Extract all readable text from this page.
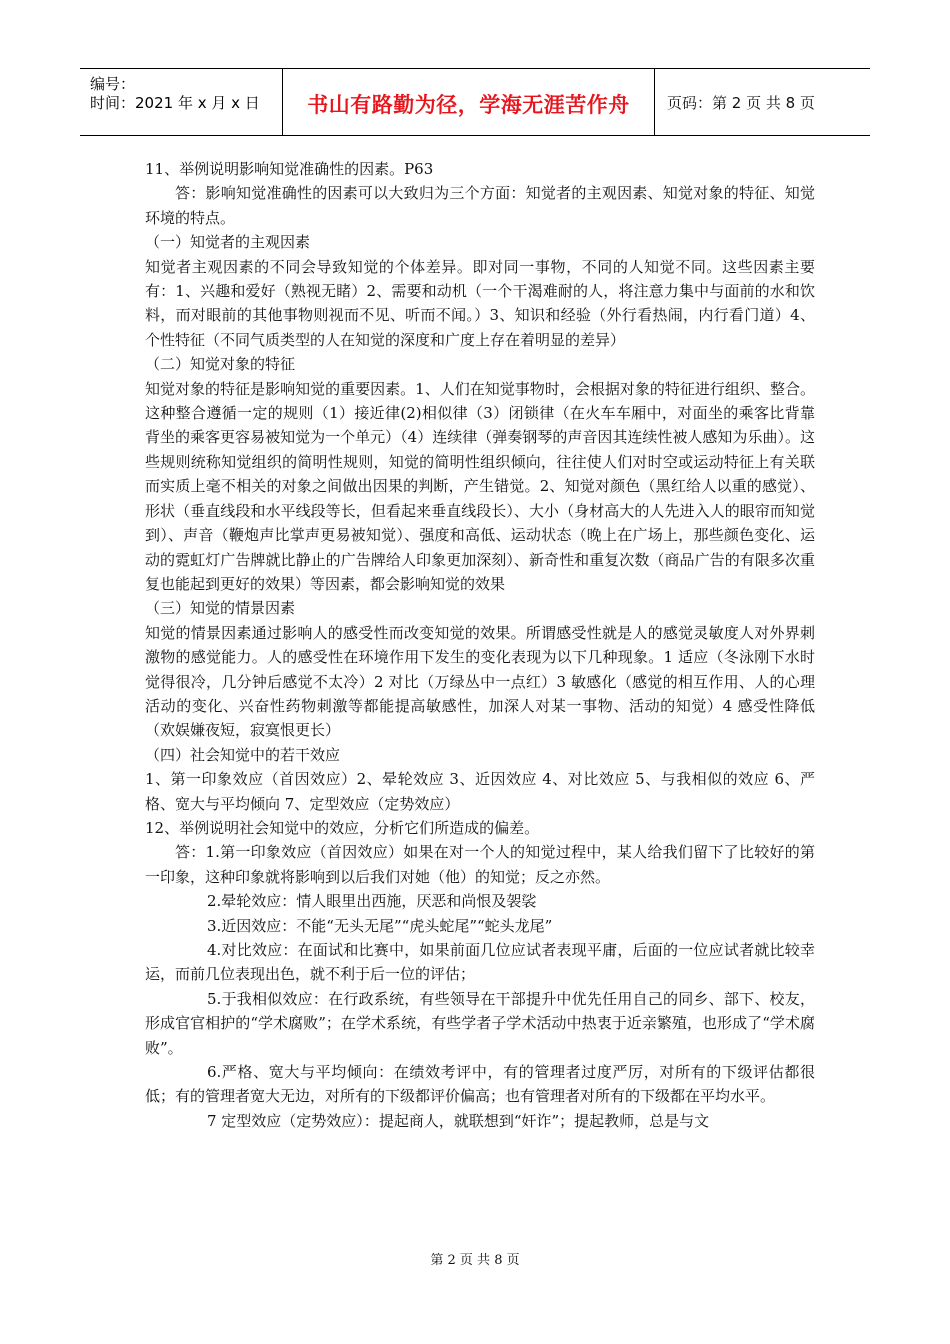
编号：
时间：2021 年 x 月 x 日 书山有路勤为径，学海无涯苦作舟 页码：第 2 页 共 8 页

11、举例说明影响知觉准确性的因素。P63

答：影响知觉准确性的因素可以大致归为三个方面：知觉者的主观因素、知觉对象的特征、知觉环境的特点。

（一）知觉者的主观因素

知觉者主观因素的不同会导致知觉的个体差异。即对同一事物，不同的人知觉不同。这些因素主要有：1、兴趣和爱好（熟视无睹）2、需要和动机（一个干渴难耐的人，将注意力集中与面前的水和饮料，而对眼前的其他事物则视而不见、听而不闻。）3、知识和经验（外行看热闹，内行看门道）4、个性特征（不同气质类型的人在知觉的深度和广度上存在着明显的差异）

（二）知觉对象的特征

知觉对象的特征是影响知觉的重要因素。1、人们在知觉事物时，会根据对象的特征进行组织、整合。这种整合遵循一定的规则（1）接近律(2)相似律（3）闭锁律（在火车车厢中，对面坐的乘客比背靠背坐的乘客更容易被知觉为一个单元）（4）连续律（弹奏钢琴的声音因其连续性被人感知为乐曲）。这些规则统称知觉组织的简明性规则，知觉的简明性组织倾向，往往使人们对时空或运动特征上有关联而实质上毫不相关的对象之间做出因果的判断，产生错觉。2、知觉对颜色（黑红给人以重的感觉）、形状（垂直线段和水平线段等长，但看起来垂直线段长）、大小（身材高大的人先进入人的眼帘而知觉到）、声音（鞭炮声比掌声更易被知觉）、强度和高低、运动状态（晚上在广场上，那些颜色变化、运动的霓虹灯广告牌就比静止的广告牌给人印象更加深刻）、新奇性和重复次数（商品广告的有限多次重复也能起到更好的效果）等因素，都会影响知觉的效果

（三）知觉的情景因素

知觉的情景因素通过影响人的感受性而改变知觉的效果。所谓感受性就是人的感觉灵敏度人对外界刺激物的感觉能力。人的感受性在环境作用下发生的变化表现为以下几种现象。1 适应（冬泳刚下水时觉得很冷，几分钟后感觉不太冷）2 对比（万绿丛中一点红）3 敏感化（感觉的相互作用、人的心理活动的变化、兴奋性药物刺激等都能提高敏感性，加深人对某一事物、活动的知觉）4 感受性降低（欢娱嫌夜短，寂寞恨更长）

（四）社会知觉中的若干效应

1、第一印象效应（首因效应）2、晕轮效应 3、近因效应 4、对比效应 5、与我相似的效应 6、严格、宽大与平均倾向 7、定型效应（定势效应）

12、举例说明社会知觉中的效应，分析它们所造成的偏差。

答：1.第一印象效应（首因效应）如果在对一个人的知觉过程中，某人给我们留下了比较好的第一印象，这种印象就将影响到以后我们对她（他）的知觉；反之亦然。

2.晕轮效应：情人眼里出西施，厌恶和尚恨及袈裟

3.近因效应：不能“无头无尾”“虎头蛇尾”“蛇头龙尾”

4.对比效应：在面试和比赛中，如果前面几位应试者表现平庸，后面的一位应试者就比较幸运，而前几位表现出色，就不利于后一位的评估；

5.于我相似效应：在行政系统，有些领导在干部提升中优先任用自己的同乡、部下、校友，形成官官相护的“学术腐败”；在学术系统，有些学者子学术活动中热衷于近亲繁殖，也形成了“学术腐败”。

6.严格、宽大与平均倾向：在绩效考评中，有的管理者过度严厉，对所有的下级评估都很低；有的管理者宽大无边，对所有的下级都评价偏高；也有管理者对所有的下级都在平均水平。

7 定型效应（定势效应）：提起商人，就联想到“奸诈”；提起教师，总是与文

第 2 页 共 8 页
